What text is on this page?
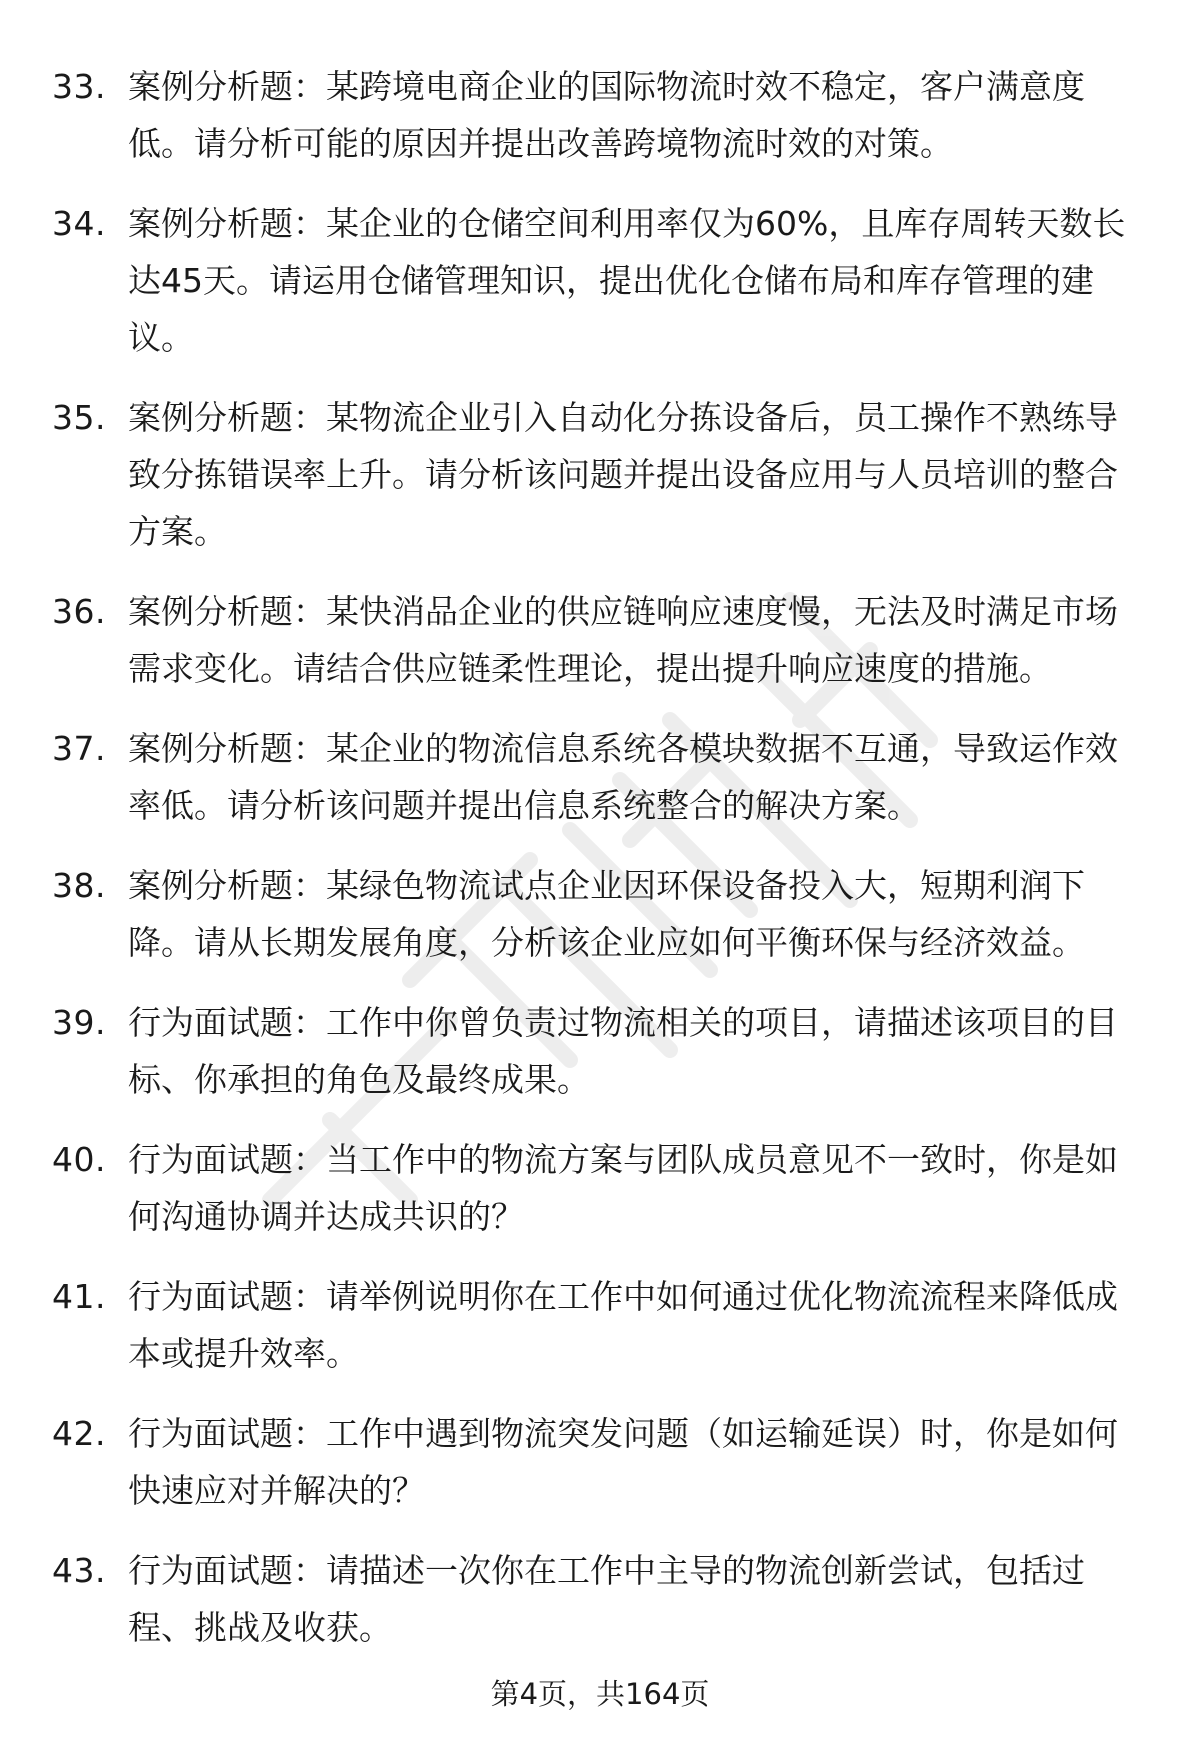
33. 案例分析题：某跨境电商企业的国际物流时效不稳定，客户满意度低。请分析可能的原因并提出改善跨境物流时效的对策。
34. 案例分析题：某企业的仓储空间利用率仅为60%，且库存周转天数长达45天。请运用仓储管理知识，提出优化仓储布局和库存管理的建议。
35. 案例分析题：某物流企业引入自动化分拣设备后，员工操作不熟练导致分拣错误率上升。请分析该问题并提出设备应用与人员培训的整合方案。
36. 案例分析题：某快消品企业的供应链响应速度慢，无法及时满足市场需求变化。请结合供应链柔性理论，提出提升响应速度的措施。
37. 案例分析题：某企业的物流信息系统各模块数据不互通，导致运作效率低。请分析该问题并提出信息系统整合的解决方案。
38. 案例分析题：某绿色物流试点企业因环保设备投入大，短期利润下降。请从长期发展角度，分析该企业应如何平衡环保与经济效益。
39. 行为面试题：工作中你曾负责过物流相关的项目，请描述该项目的目标、你承担的角色及最终成果。
40. 行为面试题：当工作中的物流方案与团队成员意见不一致时，你是如何沟通协调并达成共识的？
41. 行为面试题：请举例说明你在工作中如何通过优化物流流程来降低成本或提升效率。
42. 行为面试题：工作中遇到物流突发问题（如运输延误）时，你是如何快速应对并解决的？
43. 行为面试题：请描述一次你在工作中主导的物流创新尝试，包括过程、挑战及收获。
第4页，共164页
